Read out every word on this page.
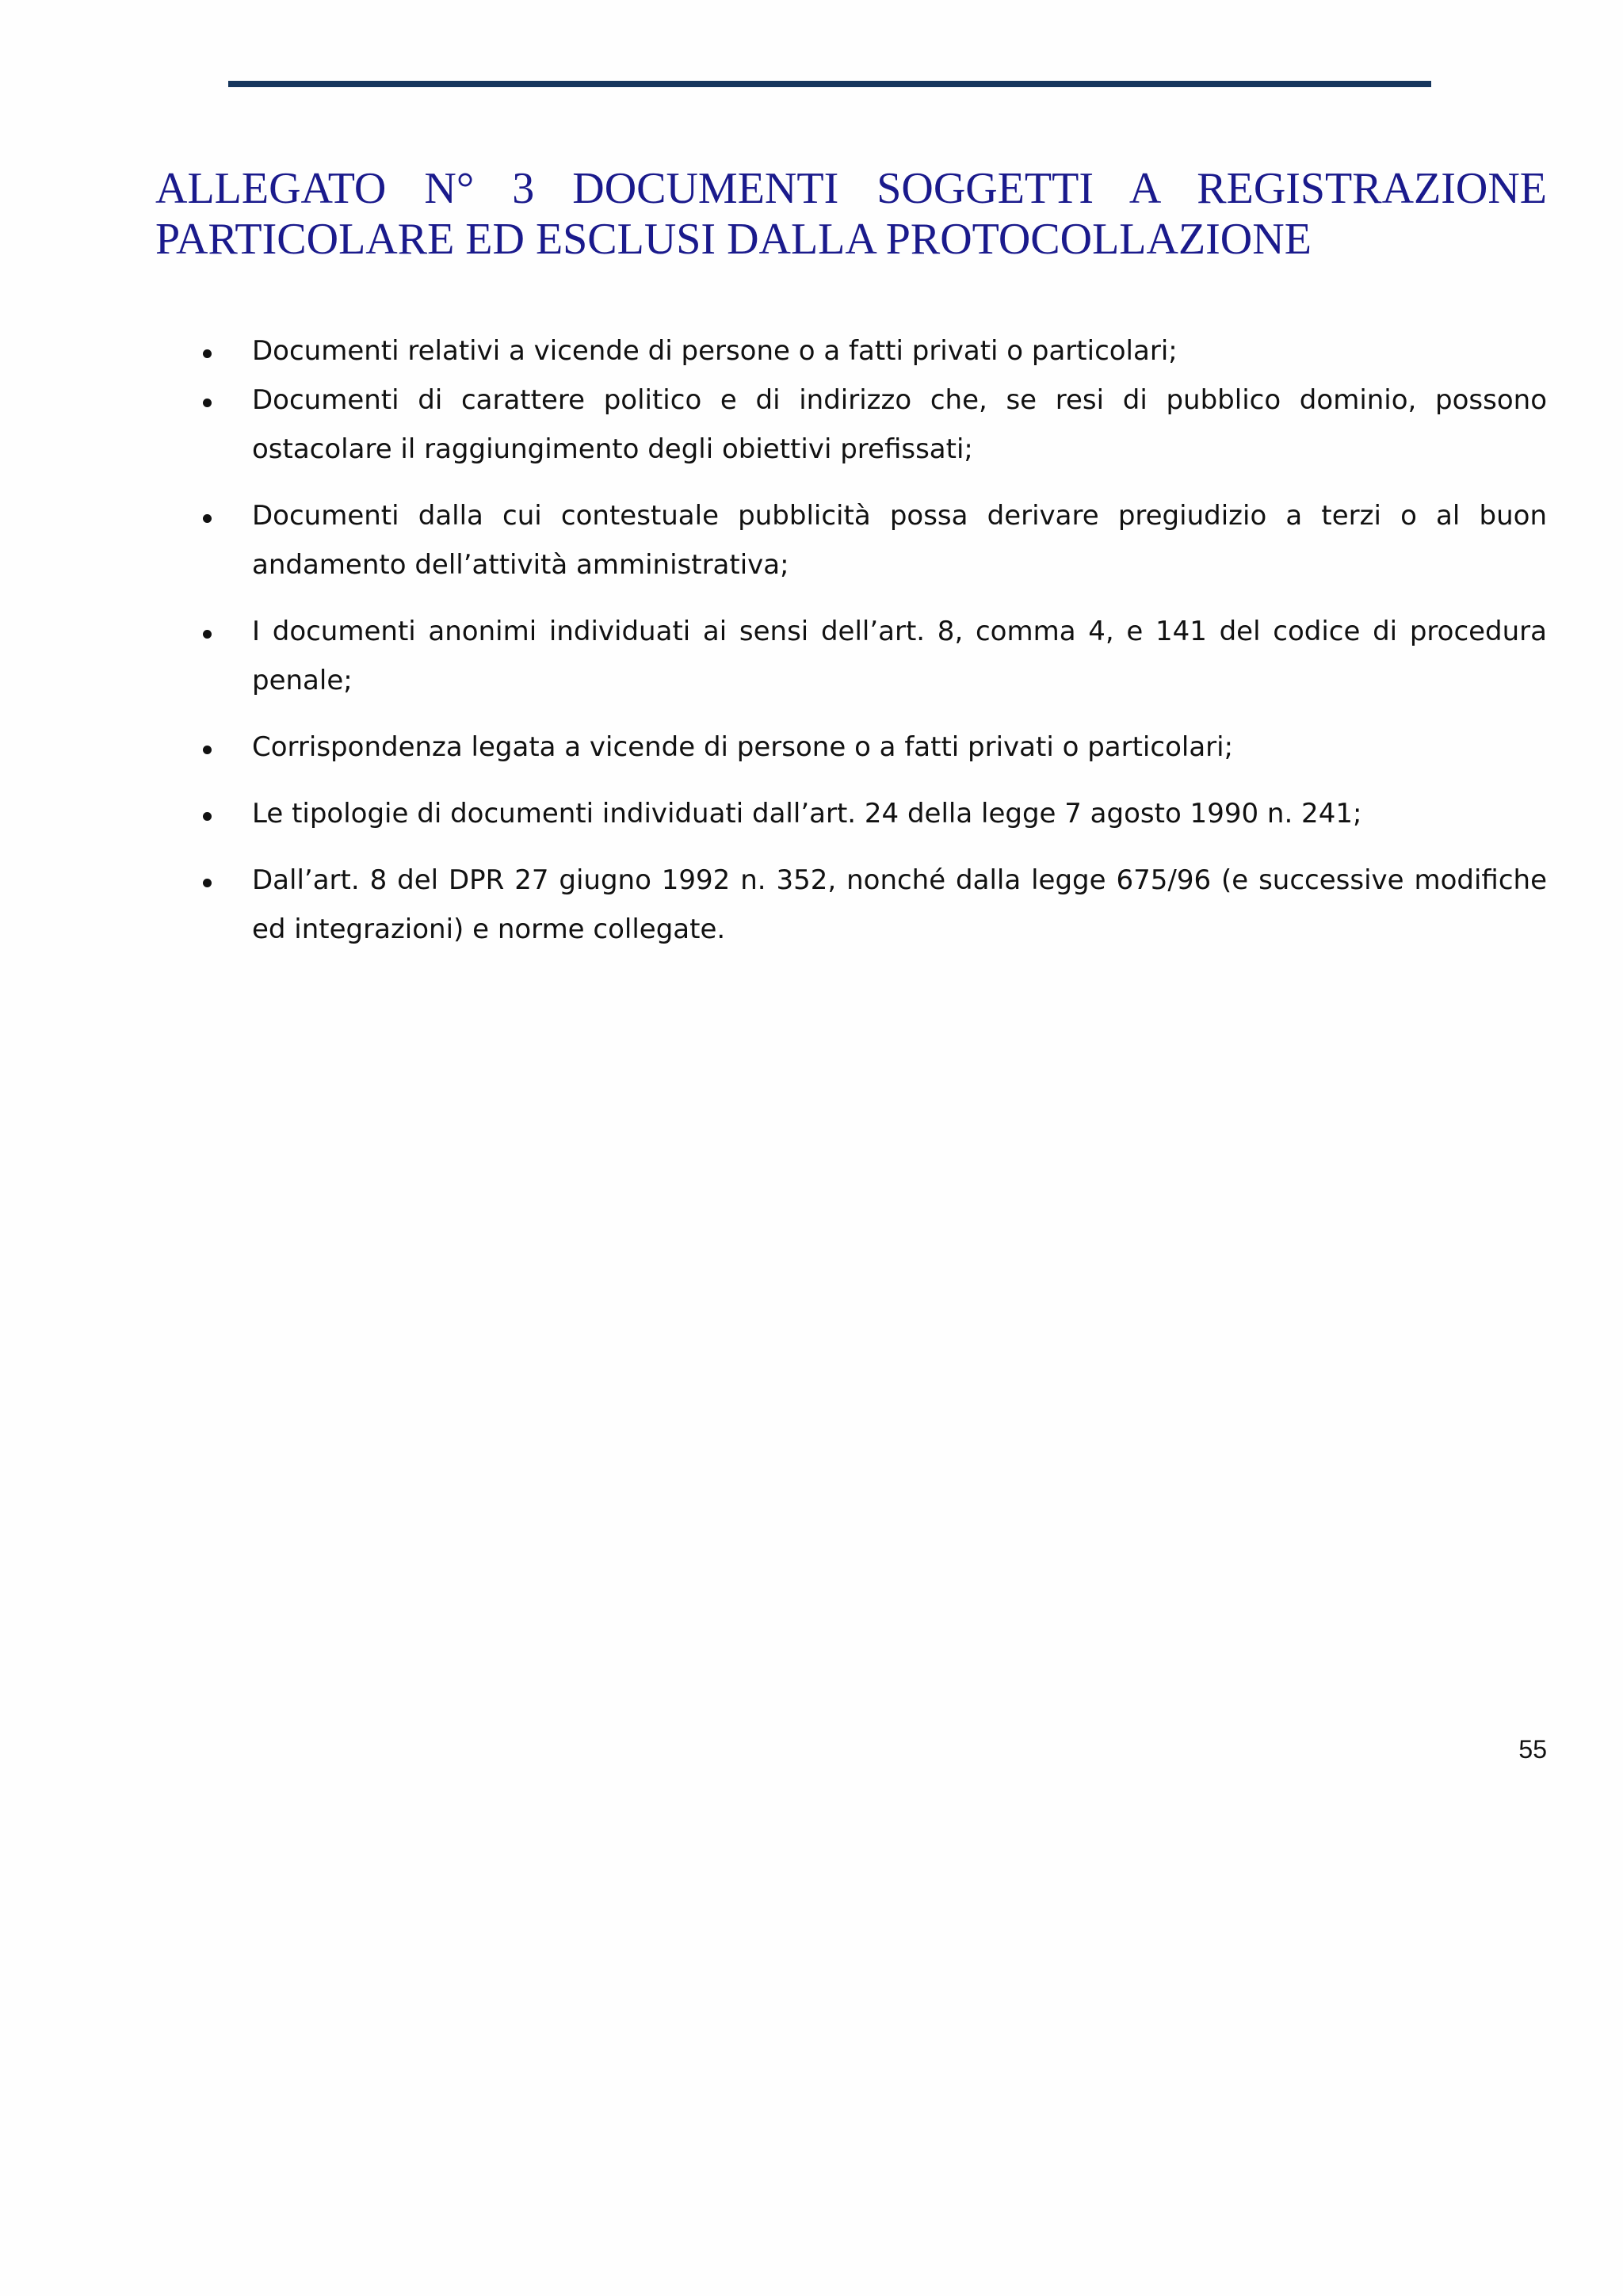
ALLEGATO N° 3 DOCUMENTI SOGGETTI A REGISTRAZIONE
PARTICOLARE ED ESCLUSI DALLA PROTOCOLLAZIONE
Documenti relativi a vicende di persone o a fatti privati o particolari;
Documenti di carattere politico e di indirizzo che, se resi di pubblico dominio, possono ostacolare il raggiungimento degli obiettivi prefissati;
Documenti dalla cui contestuale pubblicità possa derivare pregiudizio a terzi o al buon andamento dell’attività amministrativa;
I documenti anonimi individuati ai sensi dell’art. 8, comma 4, e 141 del codice di procedura penale;
Corrispondenza legata a vicende di persone o a fatti privati o particolari;
Le tipologie di documenti individuati dall’art. 24 della legge 7 agosto 1990 n. 241;
Dall’art. 8 del DPR 27 giugno 1992 n. 352, nonché dalla legge 675/96 (e successive modifiche ed integrazioni) e norme collegate.
55
